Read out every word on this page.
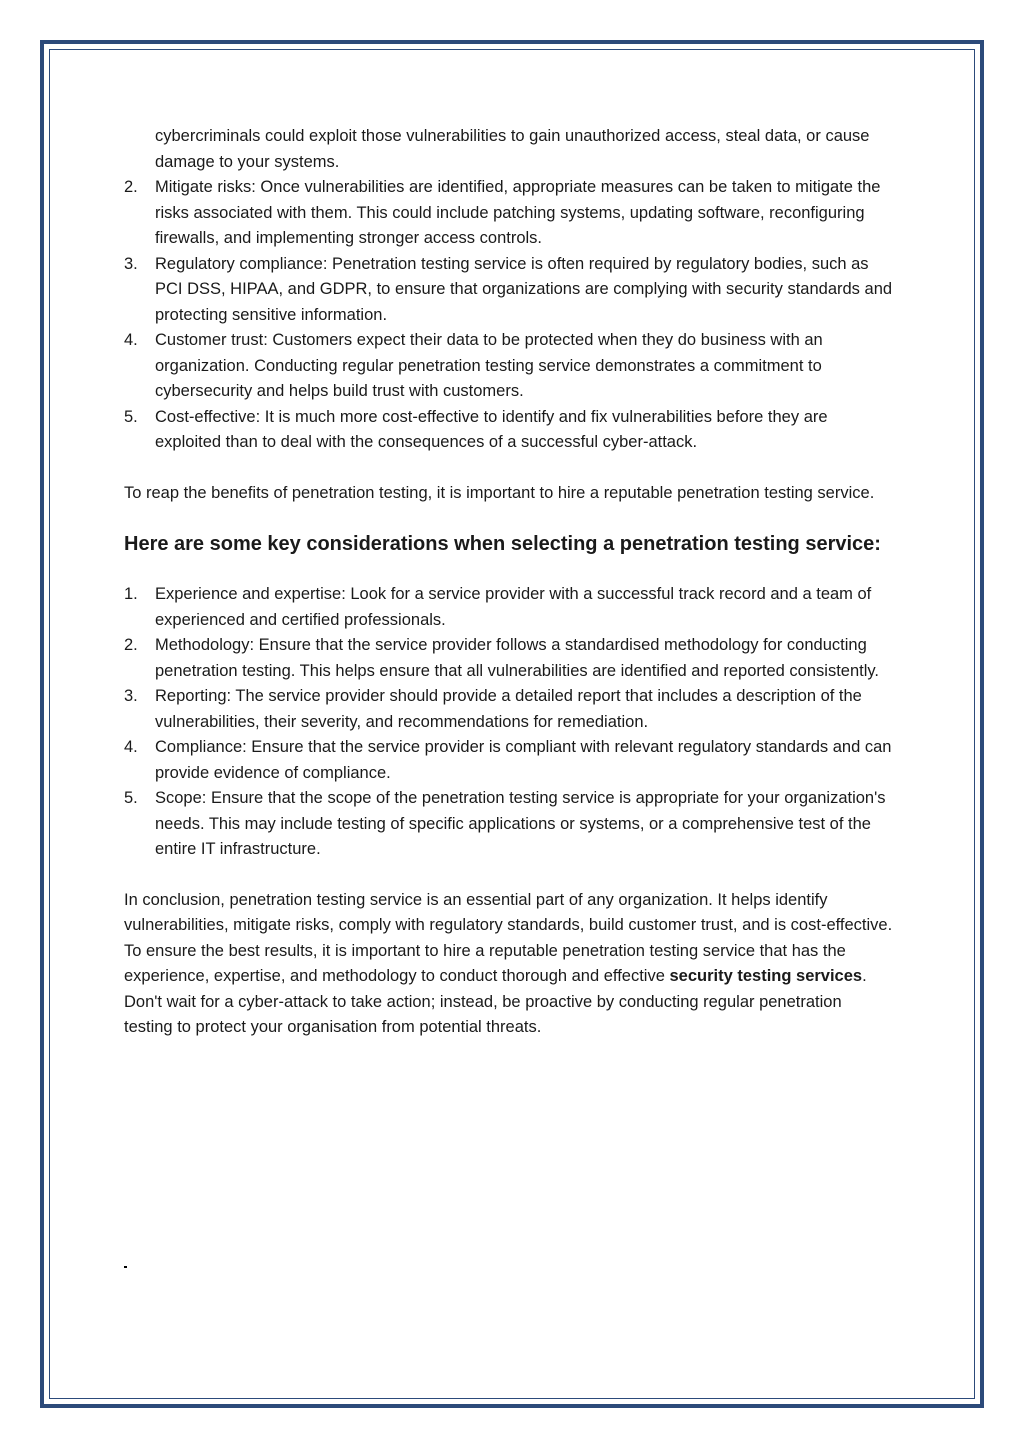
cybercriminals could exploit those vulnerabilities to gain unauthorized access, steal data, or cause damage to your systems.
2.	Mitigate risks: Once vulnerabilities are identified, appropriate measures can be taken to mitigate the risks associated with them. This could include patching systems, updating software, reconfiguring firewalls, and implementing stronger access controls.
3.	Regulatory compliance: Penetration testing service is often required by regulatory bodies, such as PCI DSS, HIPAA, and GDPR, to ensure that organizations are complying with security standards and protecting sensitive information.
4.	Customer trust: Customers expect their data to be protected when they do business with an organization. Conducting regular penetration testing service demonstrates a commitment to cybersecurity and helps build trust with customers.
5.	Cost-effective: It is much more cost-effective to identify and fix vulnerabilities before they are exploited than to deal with the consequences of a successful cyber-attack.

To reap the benefits of penetration testing, it is important to hire a reputable penetration testing service.

Here are some key considerations when selecting a penetration testing service:
1.	Experience and expertise: Look for a service provider with a successful track record and a team of experienced and certified professionals.
2.	Methodology: Ensure that the service provider follows a standardised methodology for conducting penetration testing. This helps ensure that all vulnerabilities are identified and reported consistently.
3.	Reporting: The service provider should provide a detailed report that includes a description of the vulnerabilities, their severity, and recommendations for remediation.
4.	Compliance: Ensure that the service provider is compliant with relevant regulatory standards and can provide evidence of compliance.
5.	Scope: Ensure that the scope of the penetration testing service is appropriate for your organization's needs. This may include testing of specific applications or systems, or a comprehensive test of the entire IT infrastructure.

In conclusion, penetration testing service is an essential part of any organization. It helps identify vulnerabilities, mitigate risks, comply with regulatory standards, build customer trust, and is cost-effective. To ensure the best results, it is important to hire a reputable penetration testing service that has the experience, expertise, and methodology to conduct thorough and effective security testing services. Don't wait for a cyber-attack to take action; instead, be proactive by conducting regular penetration testing to protect your organisation from potential threats.
